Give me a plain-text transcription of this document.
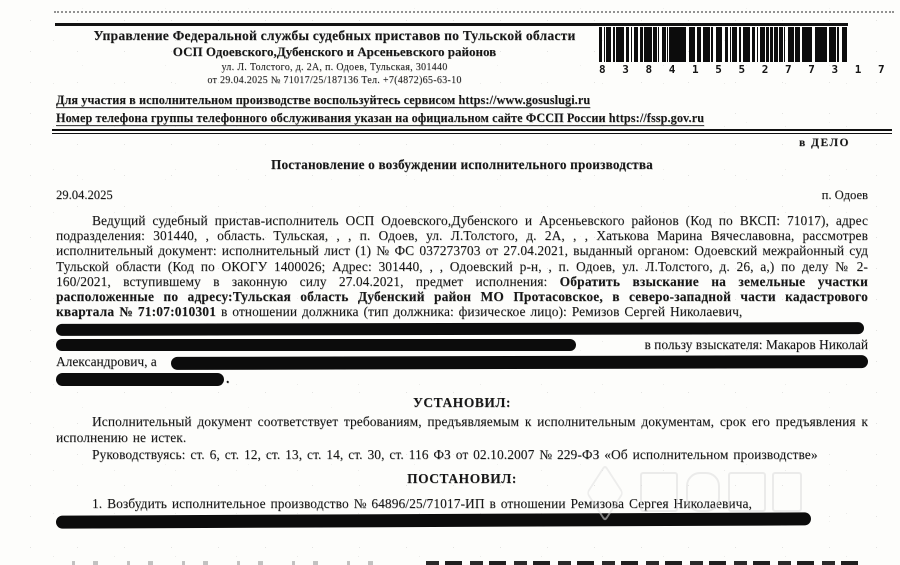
8 3 8 4 1 5 5 2 7 7 3 1 7
Управление Федеральной службы судебных приставов по Тульской области
ОСП Одоевского,Дубенского и Арсеньевского районов
ул. Л. Толстого, д. 2А, п. Одоев, Тульская, 301440
от 29.04.2025 № 71017/25/187136 Тел. +7(4872)65-63-10
Для участия в исполнительном производстве воспользуйтесь сервисом https://www.gosuslugi.ru
Номер телефона группы телефонного обслуживания указан на официальном сайте ФССП России https://fssp.gov.ru
в ДЕЛО
Постановление о возбуждении исполнительного производства
29.04.2025	п. Одоев

Ведущий судебный пристав-исполнитель ОСП Одоевского,Дубенского и Арсеньевского районов (Код по ВКСП: 71017), адрес подразделения: 301440, , область. Тульская, , , п. Одоев, ул. Л.Толстого, д. 2А, , , Хатькова Марина Вячеславовна, рассмотрев исполнительный документ: исполнительный лист (1) № ФС 037273703 от 27.04.2021, выданный органом: Одоевский межрайонный суд Тульской области (Код по ОКОГУ 1400026; Адрес: 301440, , , Одоевский р-н, , п. Одоев, ул. Л.Толстого, д. 26, а,) по делу № 2-160/2021, вступившему в законную силу 27.04.2021, предмет исполнения: Обратить взыскание на земельные участки расположенные по адресу:Тульская область Дубенский район МО Протасовское, в северо-западной части кадастрового квартала № 71:07:010301 в отношении должника (тип должника: физическое лицо): Ремизов Сергей Николаевич,

в пользу взыскателя: Макаров Николай
Александрович, а
.
УСТАНОВИЛ:

Исполнительный документ соответствует требованиям, предъявляемым к исполнительным документам, срок его предъявления к исполнению не истек.

Руководствуясь: ст. 6, ст. 12, ст. 13, ст. 14, ст. 30, ст. 116 ФЗ от 02.10.2007 № 229-ФЗ «Об исполнительном производстве»

ПОСТАНОВИЛ:

1. Возбудить исполнительное производство № 64896/25/71017-ИП в отношении Ремизова Сергея Николаевича,
